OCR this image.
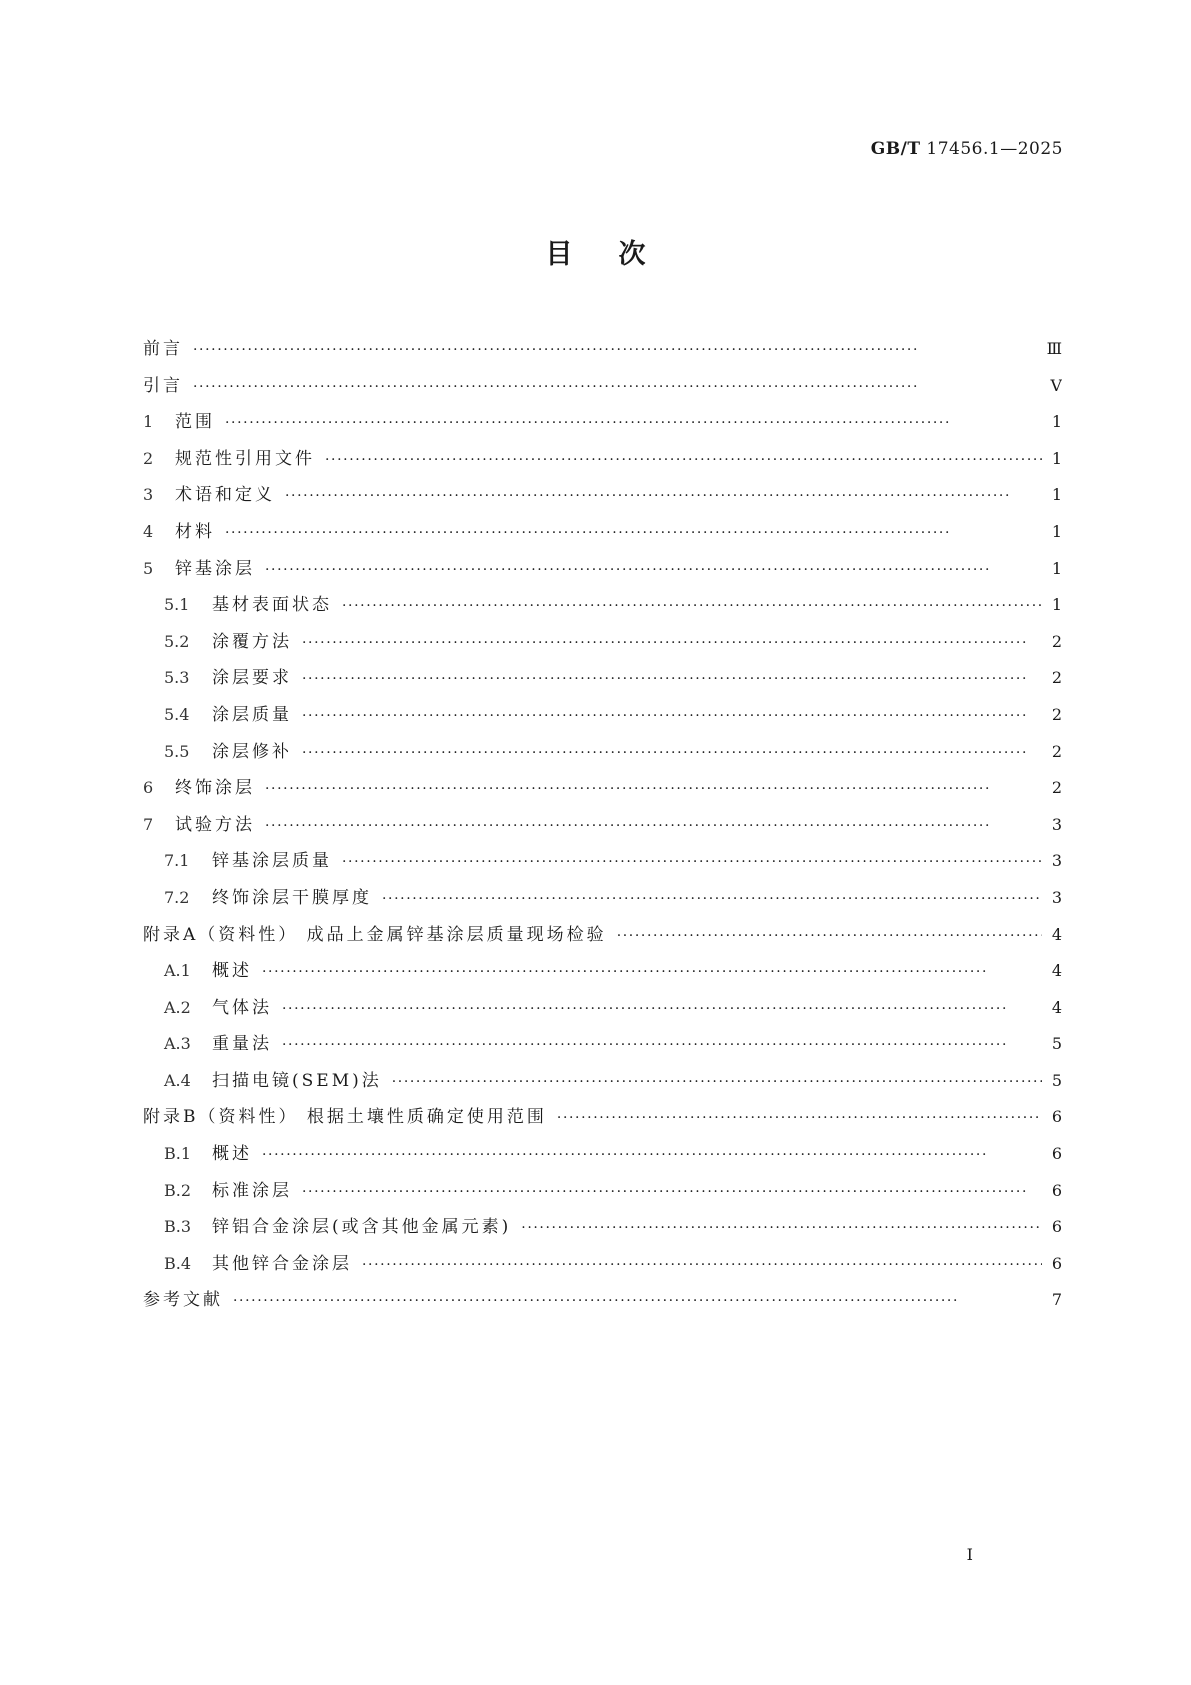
GB/T 17456.1—2025
目次
前言 ·····	Ⅲ
引言 ·····	Ⅴ
1	范围 ·····	1
2	规范性引用文件 ·····	1
3	术语和定义 ·····	1
4	材料 ·····	1
5	锌基涂层 ·····	1
5.1	基材表面状态 ·····	1
5.2	涂覆方法 ·····	2
5.3	涂层要求 ·····	2
5.4	涂层质量 ·····	2
5.5	涂层修补 ·····	2
6	终饰涂层 ·····	2
7	试验方法 ·····	3
7.1	锌基涂层质量 ·····	3
7.2	终饰涂层干膜厚度 ·····	3
附录A（资料性） 成品上金属锌基涂层质量现场检验 ·····	4
A.1	概述 ·····	4
A.2	气体法 ·····	4
A.3	重量法 ·····	5
A.4	扫描电镜(SEM)法 ·····	5
附录B（资料性） 根据土壤性质确定使用范围 ·····	6
B.1	概述 ·····	6
B.2	标准涂层 ·····	6
B.3	锌铝合金涂层(或含其他金属元素) ·····	6
B.4	其他锌合金涂层 ·····	6
参考文献 ·····	7
I
